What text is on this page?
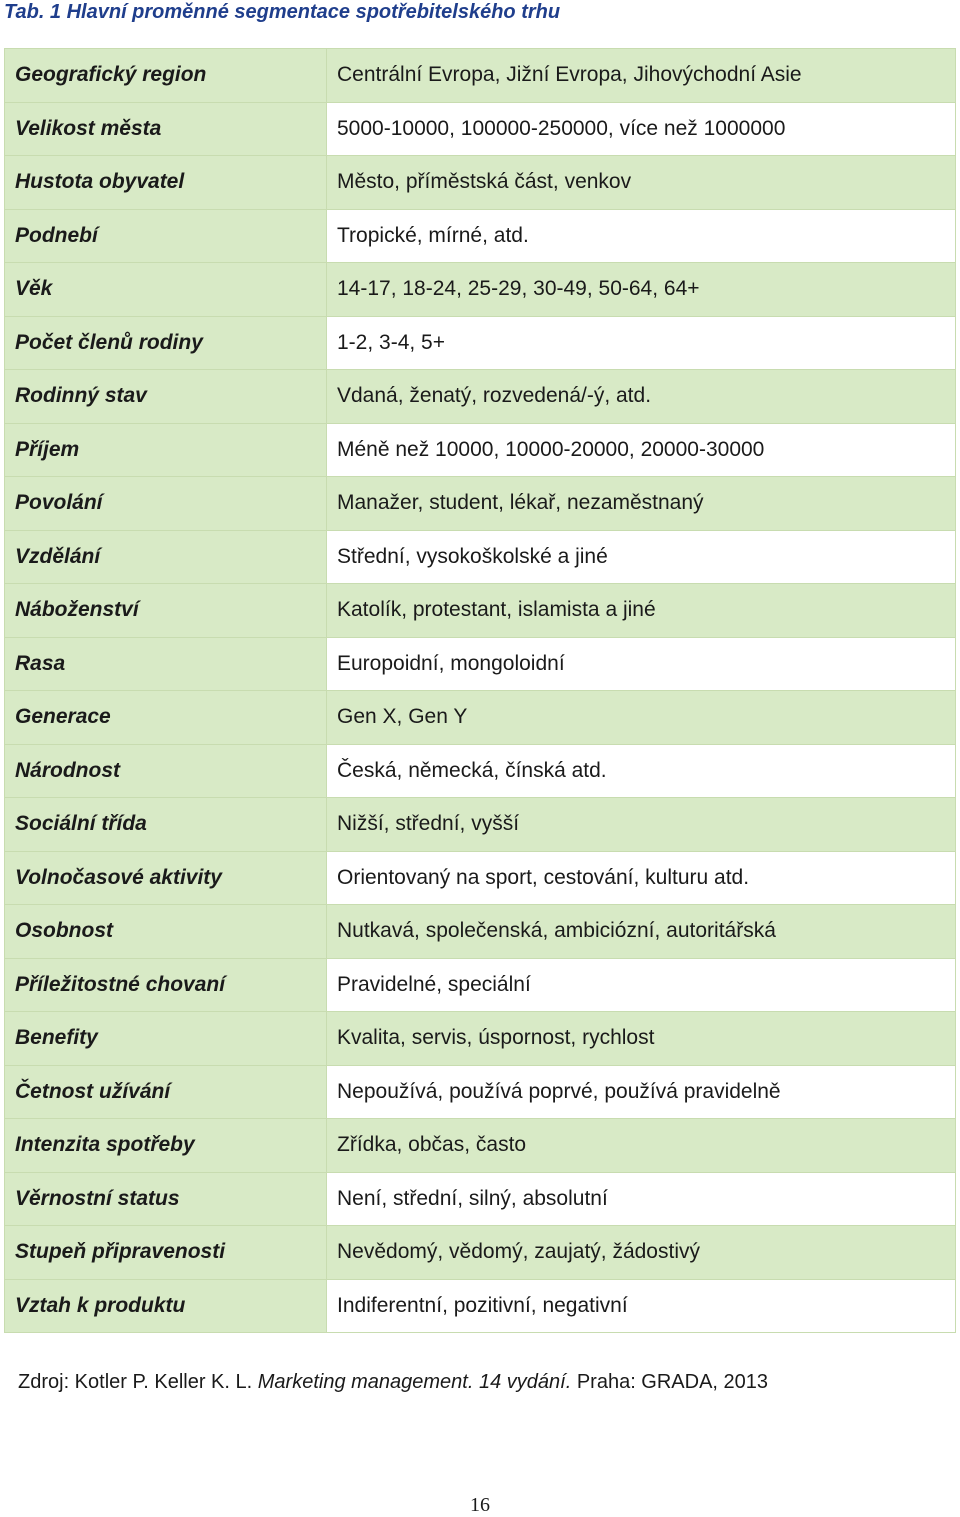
Tab. 1 Hlavní proměnné segmentace spotřebitelského trhu
Geografický region	Centrální Evropa, Jižní Evropa, Jihovýchodní Asie
Velikost města	5000-10000, 100000-250000, více než 1000000
Hustota obyvatel	Město, příměstská část, venkov
Podnebí	Tropické, mírné, atd.
Věk	14-17, 18-24, 25-29, 30-49, 50-64, 64+
Počet členů rodiny	1-2, 3-4, 5+
Rodinný stav	Vdaná, ženatý, rozvedená/-ý, atd.
Příjem	Méně než 10000, 10000-20000, 20000-30000
Povolání	Manažer, student, lékař, nezaměstnaný
Vzdělání	Střední, vysokoškolské a jiné
Náboženství	Katolík, protestant, islamista a jiné
Rasa	Europoidní, mongoloidní
Generace	Gen X, Gen Y
Národnost	Česká, německá, čínská atd.
Sociální třída	Nižší, střední, vyšší
Volnočasové aktivity	Orientovaný na sport, cestování, kulturu atd.
Osobnost	Nutkavá, společenská, ambiciózní, autoritářská
Příležitostné chovaní	Pravidelné, speciální
Benefity	Kvalita, servis, úspornost, rychlost
Četnost užívání	Nepoužívá, používá poprvé, používá pravidelně
Intenzita spotřeby	Zřídka, občas, často
Věrnostní status	Není, střední, silný, absolutní
Stupeň připravenosti	Nevědomý, vědomý, zaujatý, žádostivý
Vztah k produktu	Indiferentní, pozitivní, negativní
Zdroj: Kotler P. Keller K. L. Marketing management. 14 vydání. Praha: GRADA, 2013
16
